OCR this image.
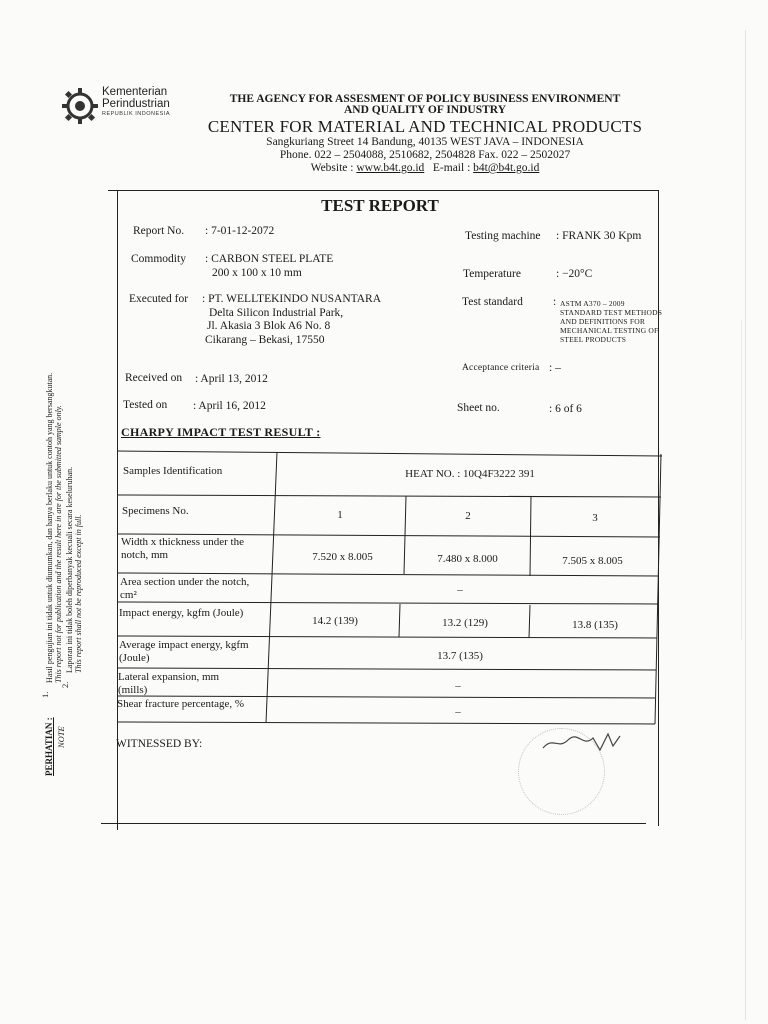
Kementerian
Perindustrian
REPUBLIK INDONESIA
THE AGENCY FOR ASSESMENT OF POLICY BUSINESS ENVIRONMENT
AND QUALITY OF INDUSTRY
CENTER FOR MATERIAL AND TECHNICAL PRODUCTS
Sangkuriang Street 14 Bandung, 40135 WEST JAVA – INDONESIA
Phone. 022 – 2504088, 2510682, 2504828 Fax. 022 – 2502027
Website : www.b4t.go.id E-mail : b4t@b4t.go.id
TEST REPORT
Report No. : 7-01-12-2072
Commodity : CARBON STEEL PLATE
200 x 100 x 10 mm
Executed for : PT. WELLTEKINDO NUSANTARA
Delta Silicon Industrial Park,
Jl. Akasia 3 Blok A6 No. 8
Cikarang – Bekasi, 17550
Received on : April 13, 2012
Tested on : April 16, 2012
Testing machine : FRANK 30 Kpm
Temperature	: −20°C
Test standard	: ASTM A370 – 2009
STANDARD TEST METHODS
AND DEFINITIONS FOR
MECHANICAL TESTING OF
STEEL PRODUCTS
Acceptance criteria : –
Sheet no.	: 6 of 6
CHARPY IMPACT TEST RESULT :
Samples Identification	HEAT NO. : 10Q4F3222 391
Specimens No.	1	2	3
Width x thickness under the
notch, mm	7.520 x 8.005	7.480 x 8.000	7.505 x 8.005
Area section under the notch,
cm²	–
Impact energy, kgfm (Joule)
14.2 (139)	13.2 (129)	13.8 (135)
Average impact energy, kgfm
(Joule)	13.7 (135)
Lateral expansion, mm
(mills)	–
Shear fracture percentage, %
–
WITNESSED BY:
PERHATIAN : NOTE
1.
2.
Hasil pengujian ini tidak untuk diumumkan, dan hanya berlaku untuk contoh yang bersangkutan. This report not for publication and the result here in are for the submitted sample only. Laporan ini tidak boleh diperbanyak kecuali secara keseluruhan. This report shall not be reproduced except in full.
